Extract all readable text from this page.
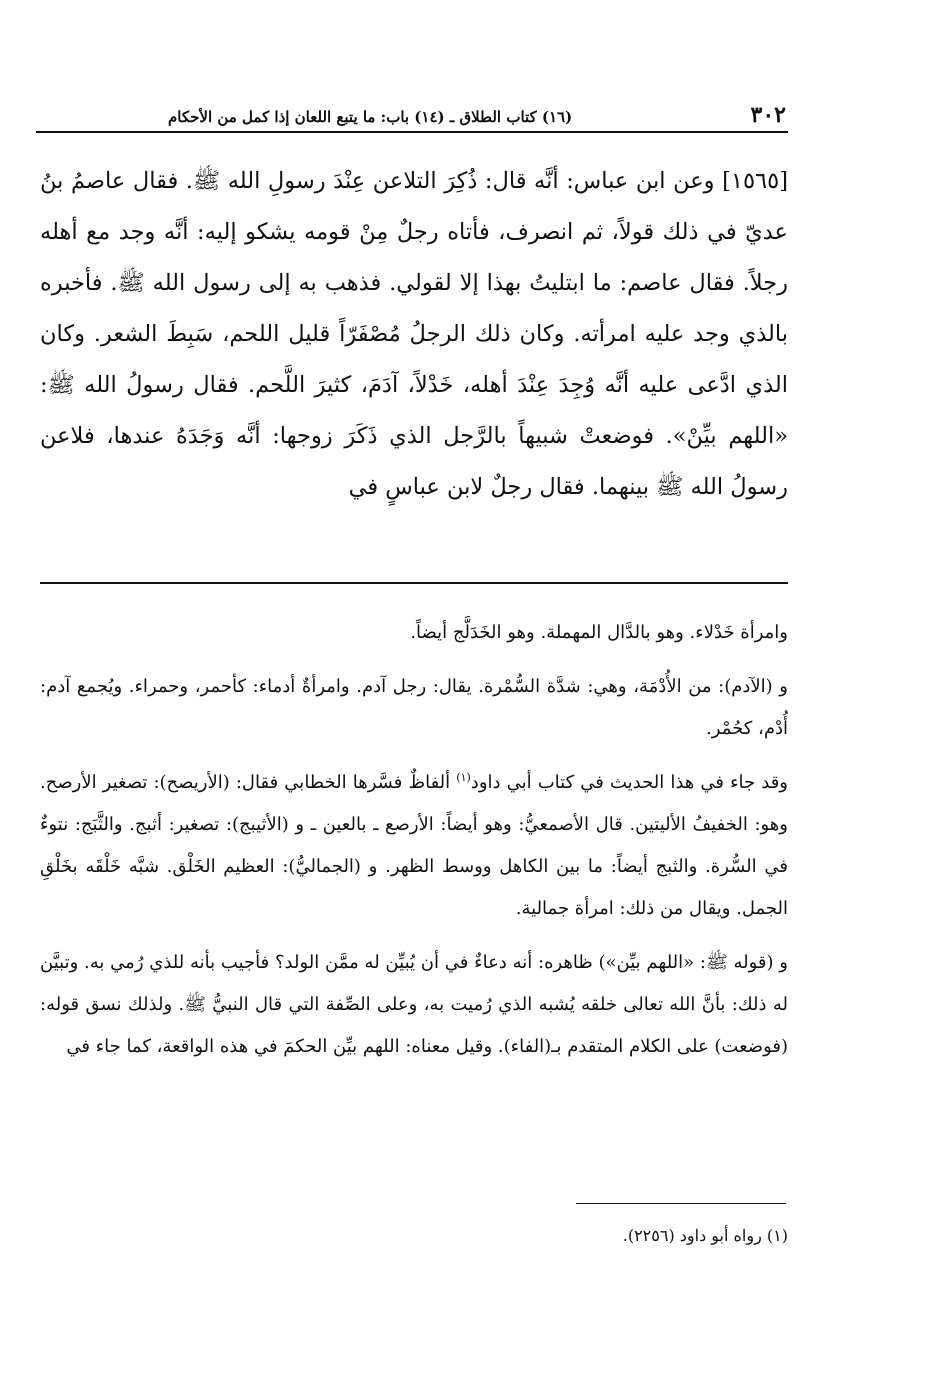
٣٠٢
(١٦) كتاب الطلاق ـ (١٤) باب: ما يتبع اللعان إذا كمل من الأحكام

[١٥٦٥] وعن ابن عباس: أنَّه قال: ذُكِرَ التلاعن عِنْدَ رسولِ الله ﷺ. فقال عاصمُ بنُ عديّ في ذلك قولاً، ثم انصرف، فأتاه رجلٌ مِنْ قومه يشكو إليه: أنَّه وجد مع أهله رجلاً. فقال عاصم: ما ابتليتُ بهذا إلا لقولي. فذهب به إلى رسول الله ﷺ. فأخبره بالذي وجد عليه امرأته. وكان ذلك الرجلُ مُصْفَرّاً قليل اللحم، سَبِطَ الشعر. وكان الذي ادَّعى عليه أنَّه وُجِدَ عِنْدَ أهله، خَدْلاً، آدَمَ، كثيرَ اللَّحم. فقال رسولُ الله ﷺ: «اللهم بيِّنْ». فوضعتْ شبيهاً بالرَّجل الذي ذَكَرَ زوجها: أنَّه وَجَدَهُ عندها، فلاعن رسولُ الله ﷺ بينهما. فقال رجلٌ لابن عباسٍ في

وامرأة خَدْلاء. وهو بالدَّال المهملة. وهو الخَدَلَّج أيضاً.

و (الآدم): من الأُدْمَة، وهي: شدَّة السُّمْرة. يقال: رجل آدم. وامرأةٌ أدماء: كأحمر، وحمراء. ويُجمع آدم: أُدْم، كحُمْر.

وقد جاء في هذا الحديث في كتاب أبي داود$^{(١)}$ ألفاظٌ فسَّرها الخطابي فقال: (الأريصح): تصغير الأرصح. وهو: الخفيفُ الأليتين. قال الأصمعيُّ: وهو أيضاً: الأرصع ـ بالعين ـ و (الأثيبج): تصغير: أثبج. والثَّبَج: نتوءٌ في السُّرة. والثبج أيضاً: ما بين الكاهل ووسط الظهر. و (الجماليُّ): العظيم الخَلْق. شبَّه خَلْقَه بخَلْقِ الجمل. ويقال من ذلك: امرأة جمالية.

و (قوله ﷺ: «اللهم بيِّن») ظاهره: أنه دعاءٌ في أن يُبيِّن له ممَّن الولد؟ فأجيب بأنه للذي رُمي به. وتبيَّن له ذلك: بأنَّ الله تعالى خلقه يُشبه الذي رُميت به، وعلى الصِّفة التي قال النبيُّ ﷺ. ولذلك نسق قوله: (فوضعت) على الكلام المتقدم بـ(الفاء). وقيل معناه: اللهم بيِّن الحكمَ في هذه الواقعة، كما جاء في

(١) رواه أبو داود (٢٢٥٦).
